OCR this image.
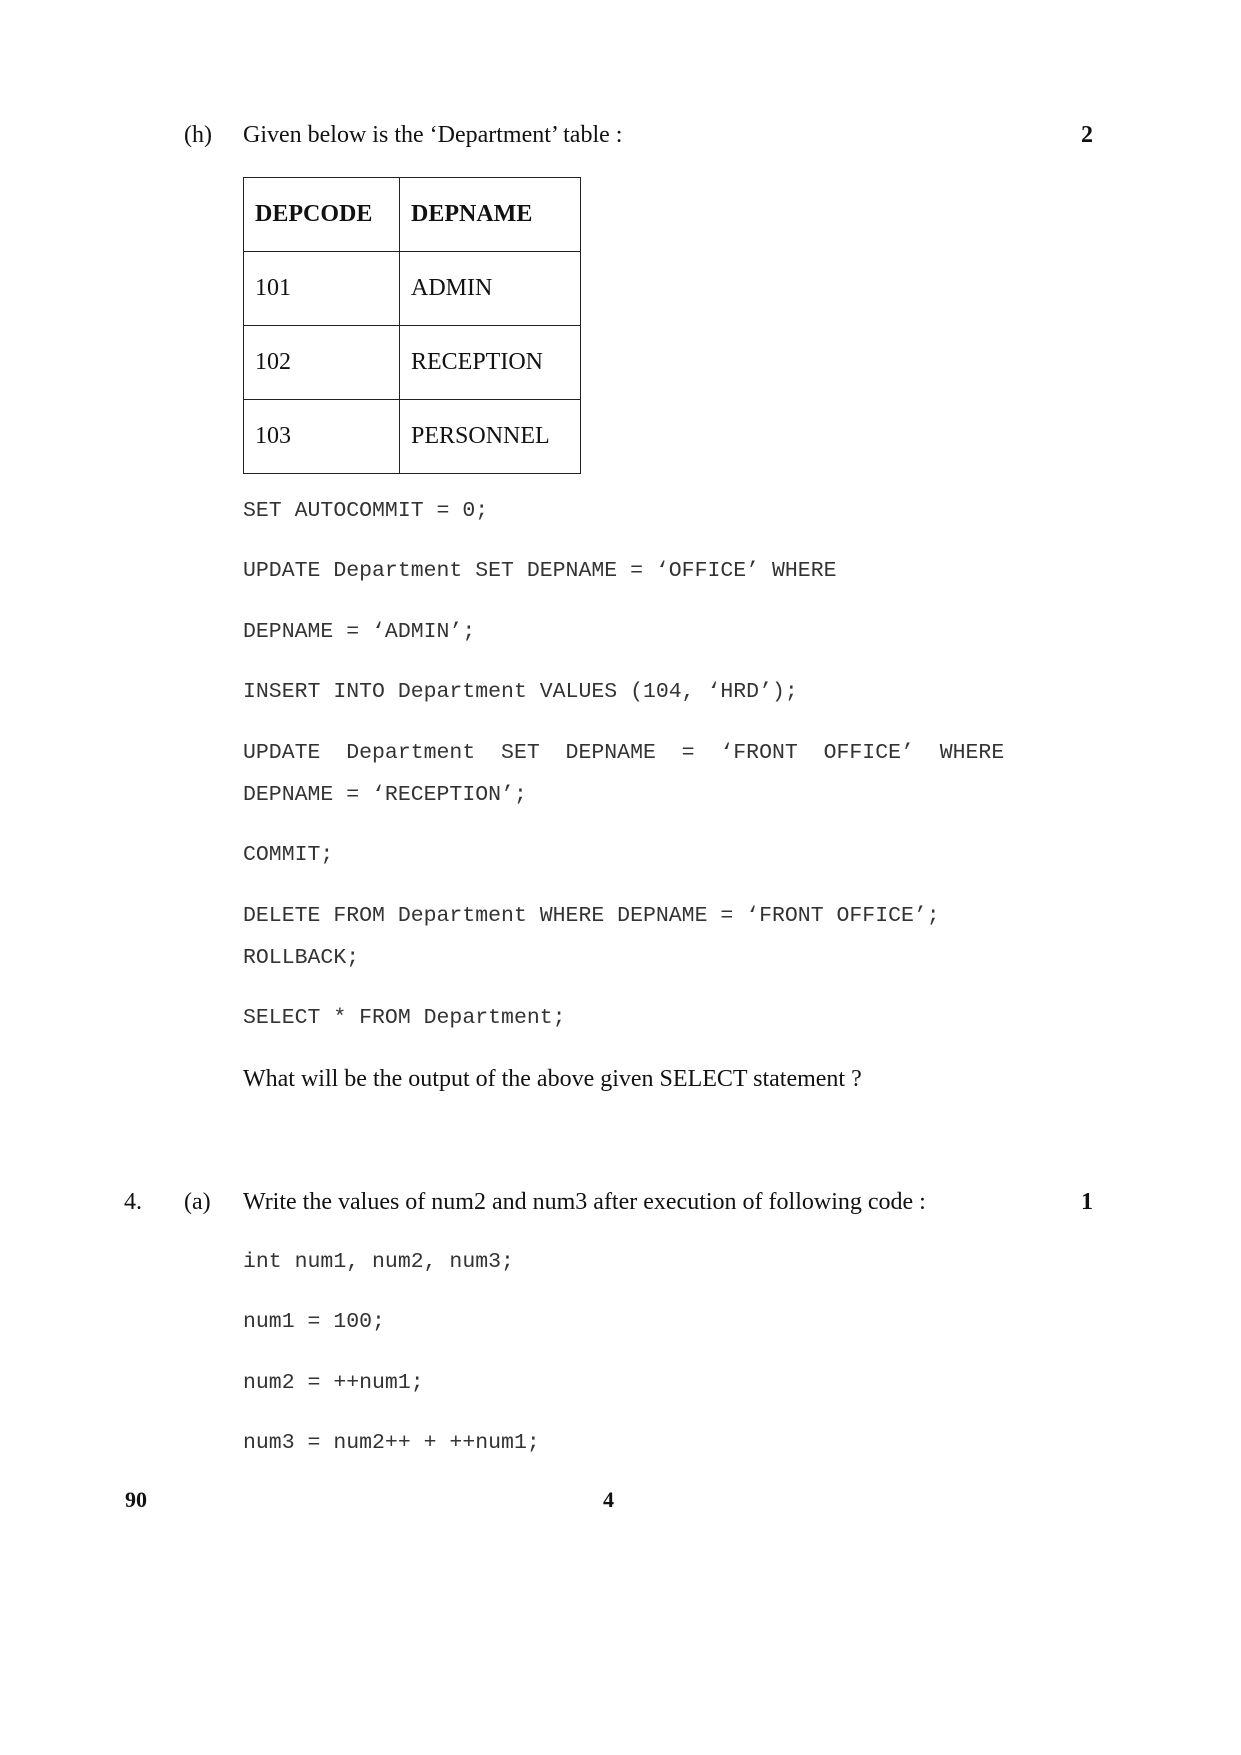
(h) Given below is the ‘Department’ table :	2
DEPCODE	DEPNAME
101	ADMIN
102	RECEPTION
103	PERSONNEL
SET AUTOCOMMIT = 0;
UPDATE Department SET DEPNAME = ‘OFFICE’ WHERE
DEPNAME = ‘ADMIN’;
INSERT INTO Department VALUES (104, ‘HRD’);
UPDATE  Department  SET  DEPNAME  =  ‘FRONT  OFFICE’  WHERE
DEPNAME = ‘RECEPTION’;
COMMIT;
DELETE FROM Department WHERE DEPNAME = ‘FRONT OFFICE’;
ROLLBACK;
SELECT * FROM Department;
What will be the output of the above given SELECT statement ?
4. (a) Write the values of num2 and num3 after execution of following code :	1
int num1, num2, num3;
num1 = 100;
num2 = ++num1;
num3 = num2++ + ++num1;
90	4
